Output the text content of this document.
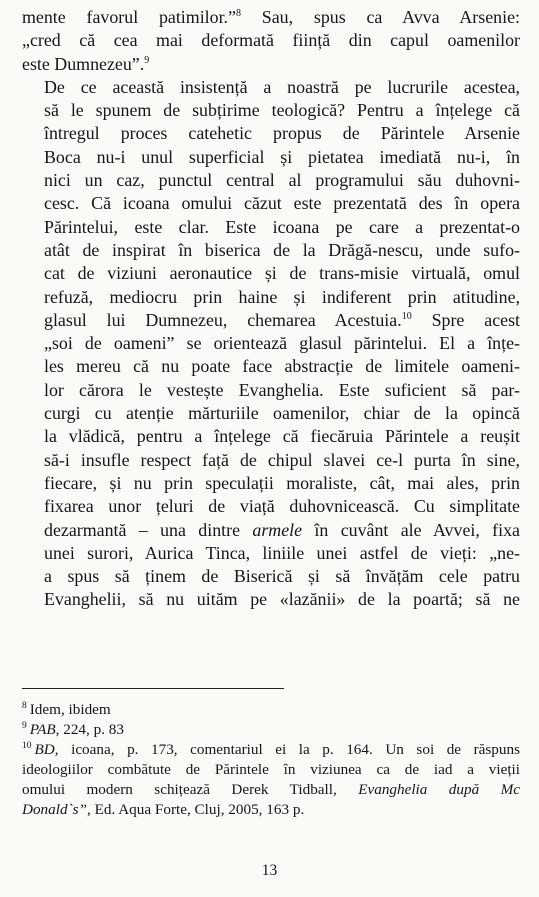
mente favorul patimilor.”$^8$ Sau, spus ca Avva Arsenie:
„cred că cea mai deformată ființă din capul oamenilor
este Dumnezeu”.$^9$

De ce această insistență a noastră pe lucrurile acestea,
să le spunem de subțirime teologică? Pentru a înțelege că
întregul proces catehetic propus de Părintele Arsenie
Boca nu-i unul superficial și pietatea imediată nu-i, în
nici un caz, punctul central al programului său duhovni-
cesc. Că icoana omului căzut este prezentată des în opera
Părintelui, este clar. Este icoana pe care a prezentat-o
atât de inspirat în biserica de la Drăgă-nescu, unde sufo-
cat de viziuni aeronautice și de trans-misie virtuală, omul
refuză, mediocru prin haine și indiferent prin atitudine,
glasul lui Dumnezeu, chemarea Acestuia.$^{10}$ Spre acest
„soi de oameni” se orientează glasul părintelui. El a înțe-
les mereu că nu poate face abstracție de limitele oameni-
lor cărora le vestește Evanghelia. Este suficient să par-
curgi cu atenție mărturiile oamenilor, chiar de la opincă
la vlădică, pentru a înțelege că fiecăruia Părintele a reușit
să-i insufle respect față de chipul slavei ce-l purta în sine,
fiecare, și nu prin speculații moraliste, cât, mai ales, prin
fixarea unor țeluri de viață duhovnicească. Cu simplitate
dezarmantă – una dintre armele în cuvânt ale Avvei, fixa
unei surori, Aurica Tinca, liniile unei astfel de vieți: „ne-
a spus să ținem de Biserică și să învățăm cele patru
Evanghelii, să nu uităm pe «lazănii» de la poartă; să ne

$^8$ Idem, ibidem
$^9$ PAB, 224, p. 83
$^{10}$ BD, icoana, p. 173, comentariul ei la p. 164. Un soi de răspuns
ideologiilor combătute de Părintele în viziunea ca de iad a vieții
omului modern schițează Derek Tidball, Evanghelia după Mc
Donald`s”, Ed. Aqua Forte, Cluj, 2005, 163 p.
13
